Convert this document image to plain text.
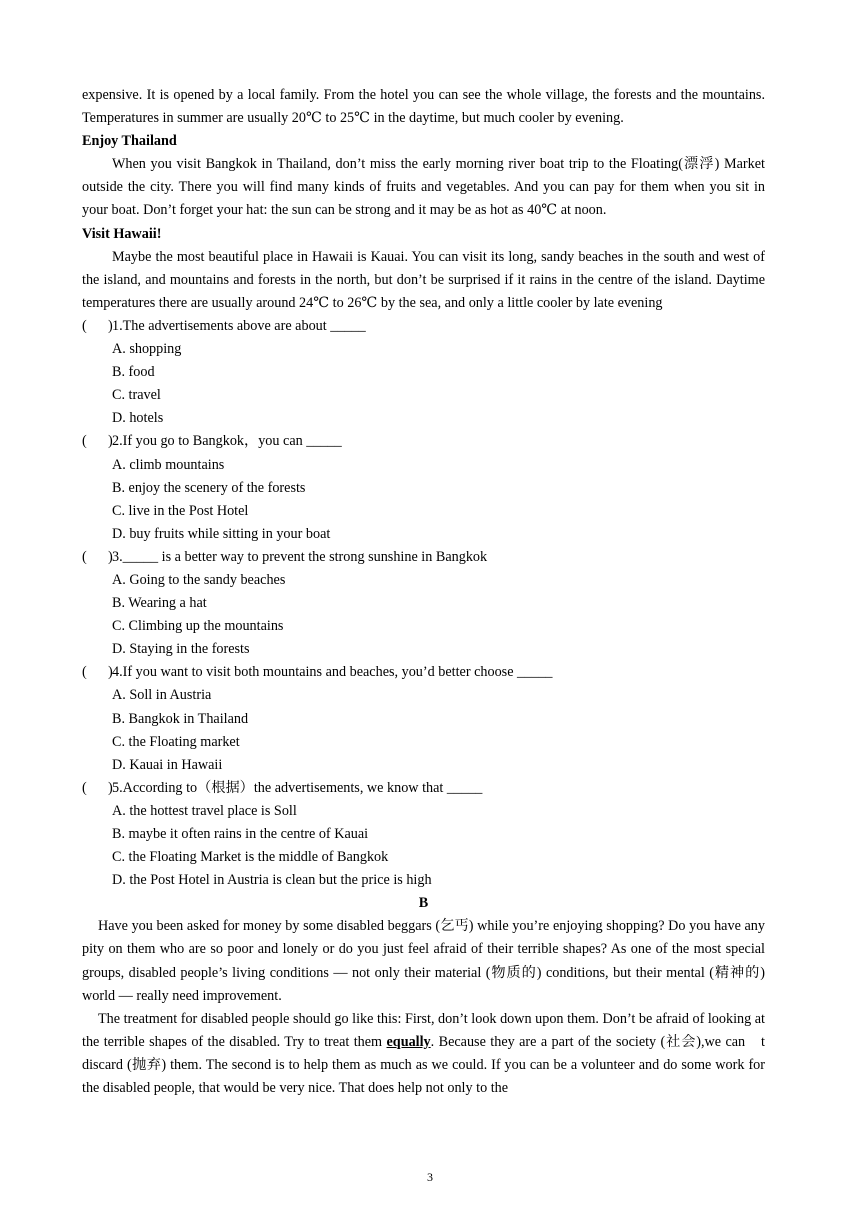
expensive. It is opened by a local family. From the hotel you can see the whole village, the forests and the mountains. Temperatures in summer are usually 20℃ to 25℃ in the daytime, but much cooler by evening.

Enjoy Thailand

When you visit Bangkok in Thailand, don’t miss the early morning river boat trip to the Floating(漂浮) Market outside the city. There you will find many kinds of fruits and vegetables. And you can pay for them when you sit in your boat. Don’t forget your hat: the sun can be strong and it may be as hot as 40℃ at noon.

Visit Hawaii!

Maybe the most beautiful place in Hawaii is Kauai. You can visit its long, sandy beaches in the south and west of the island, and mountains and forests in the north, but don’t be surprised if it rains in the centre of the island. Daytime temperatures there are usually around 24℃ to 26℃ by the sea, and only a little cooler by late evening

(      ) 1.The advertisements above are about _____

A. shopping

B. food

C. travel

D. hotels

(      ) 2.If you go to Bangkok，you can _____

A. climb mountains

B. enjoy the scenery of the forests

C. live in the Post Hotel

D. buy fruits while sitting in your boat

(      ) 3._____ is a better way to prevent the strong sunshine in Bangkok

A. Going to the sandy beaches

B. Wearing a hat

C. Climbing up the mountains

D. Staying in the forests

(      ) 4.If you want to visit both mountains and beaches, you’d better choose _____

A. Soll in Austria

B. Bangkok in Thailand

C. the Floating market

D. Kauai in Hawaii

(      ) 5.According to（根据）the advertisements, we know that _____

A. the hottest travel place is Soll

B. maybe it often rains in the centre of Kauai

C. the Floating Market is the middle of Bangkok

D. the Post Hotel in Austria is clean but the price is high

B

Have you been asked for money by some disabled beggars (乞丐) while you’re enjoying shopping? Do you have any pity on them who are so poor and lonely or do you just feel afraid of their terrible shapes? As one of the most special groups, disabled people’s living conditions — not only their material (物质的) conditions, but their mental (精神的) world — really need improvement.

The treatment for disabled people should go like this: First, don’t look down upon them. Don’t be afraid of looking at the terrible shapes of the disabled. Try to treat them equally. Because they are a part of the society (社会),we can　t discard (抛弃) them. The second is to help them as much as we could. If you can be a volunteer and do some work for the disabled people, that would be very nice. That does help not only to the

3
